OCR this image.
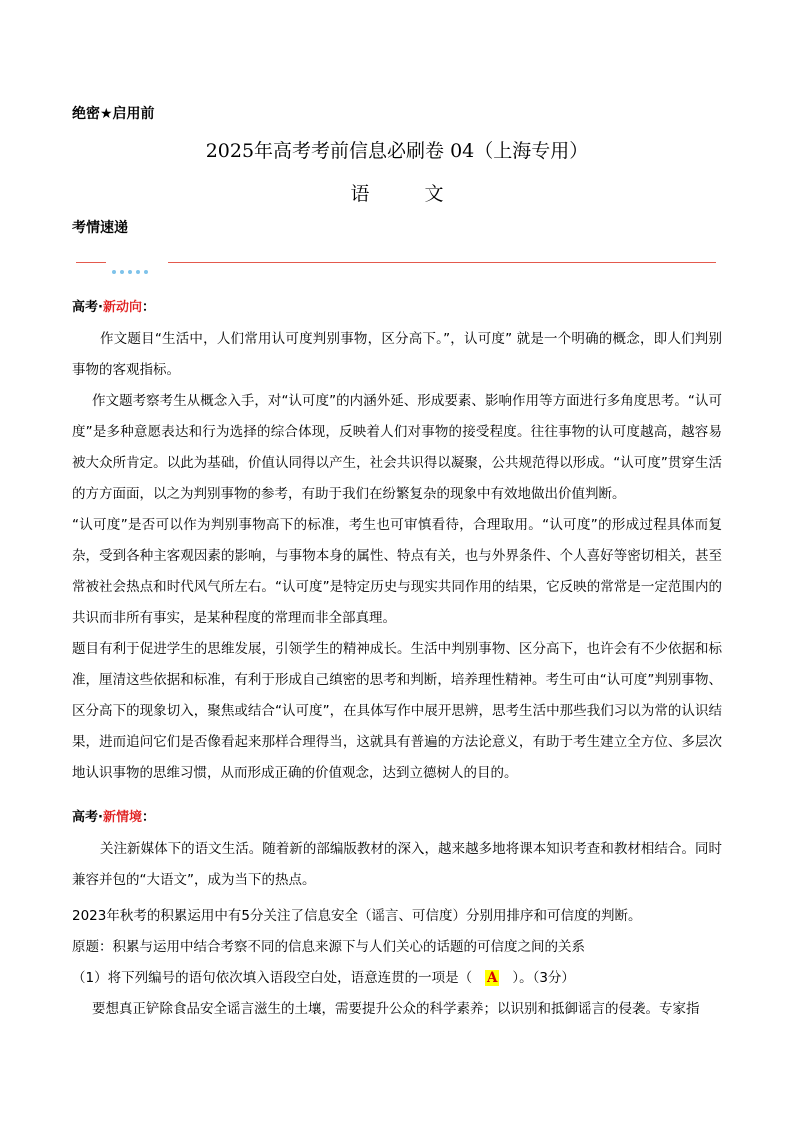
绝密★启用前
2025年高考考前信息必刷卷 04（上海专用）
语　文
考情速递
高考·新动向：
作文题目“生活中，人们常用认可度判别事物，区分高下。”，认可度” 就是一个明确的概念，即人们判别事物的客观指标。
作文题考察考生从概念入手，对“认可度”的内涵外延、形成要素、影响作用等方面进行多角度思考。“认可度”是多种意愿表达和行为选择的综合体现，反映着人们对事物的接受程度。往往事物的认可度越高，越容易被大众所肯定。以此为基础，价值认同得以产生，社会共识得以凝聚，公共规范得以形成。“认可度”贯穿生活的方方面面，以之为判别事物的参考，有助于我们在纷繁复杂的现象中有效地做出价值判断。
“认可度”是否可以作为判别事物高下的标准，考生也可审慎看待，合理取用。“认可度”的形成过程具体而复杂，受到各种主客观因素的影响，与事物本身的属性、特点有关，也与外界条件、个人喜好等密切相关，甚至常被社会热点和时代风气所左右。“认可度”是特定历史与现实共同作用的结果，它反映的常常是一定范围内的共识而非所有事实，是某种程度的常理而非全部真理。
题目有利于促进学生的思维发展，引领学生的精神成长。生活中判别事物、区分高下，也许会有不少依据和标准，厘清这些依据和标准，有利于形成自己缜密的思考和判断，培养理性精神。考生可由“认可度”判别事物、区分高下的现象切入，聚焦或结合“认可度”，在具体写作中展开思辨，思考生活中那些我们习以为常的认识结果，进而追问它们是否像看起来那样合理得当，这就具有普遍的方法论意义，有助于考生建立全方位、多层次地认识事物的思维习惯，从而形成正确的价值观念，达到立德树人的目的。
高考·新情境：
关注新媒体下的语文生活。随着新的部编版教材的深入，越来越多地将课本知识考查和教材相结合。同时兼容并包的“大语文”，成为当下的热点。
2023年秋考的积累运用中有5分关注了信息安全（谣言、可信度）分别用排序和可信度的判断。
原题：积累与运用中结合考察不同的信息来源下与人们关心的话题的可信度之间的关系
（1）将下列编号的语句依次填入语段空白处，语意连贯的一项是（ A ）。（3分）
要想真正铲除食品安全谣言滋生的土壤，需要提升公众的科学素养；以识别和抵御谣言的侵袭。专家指
